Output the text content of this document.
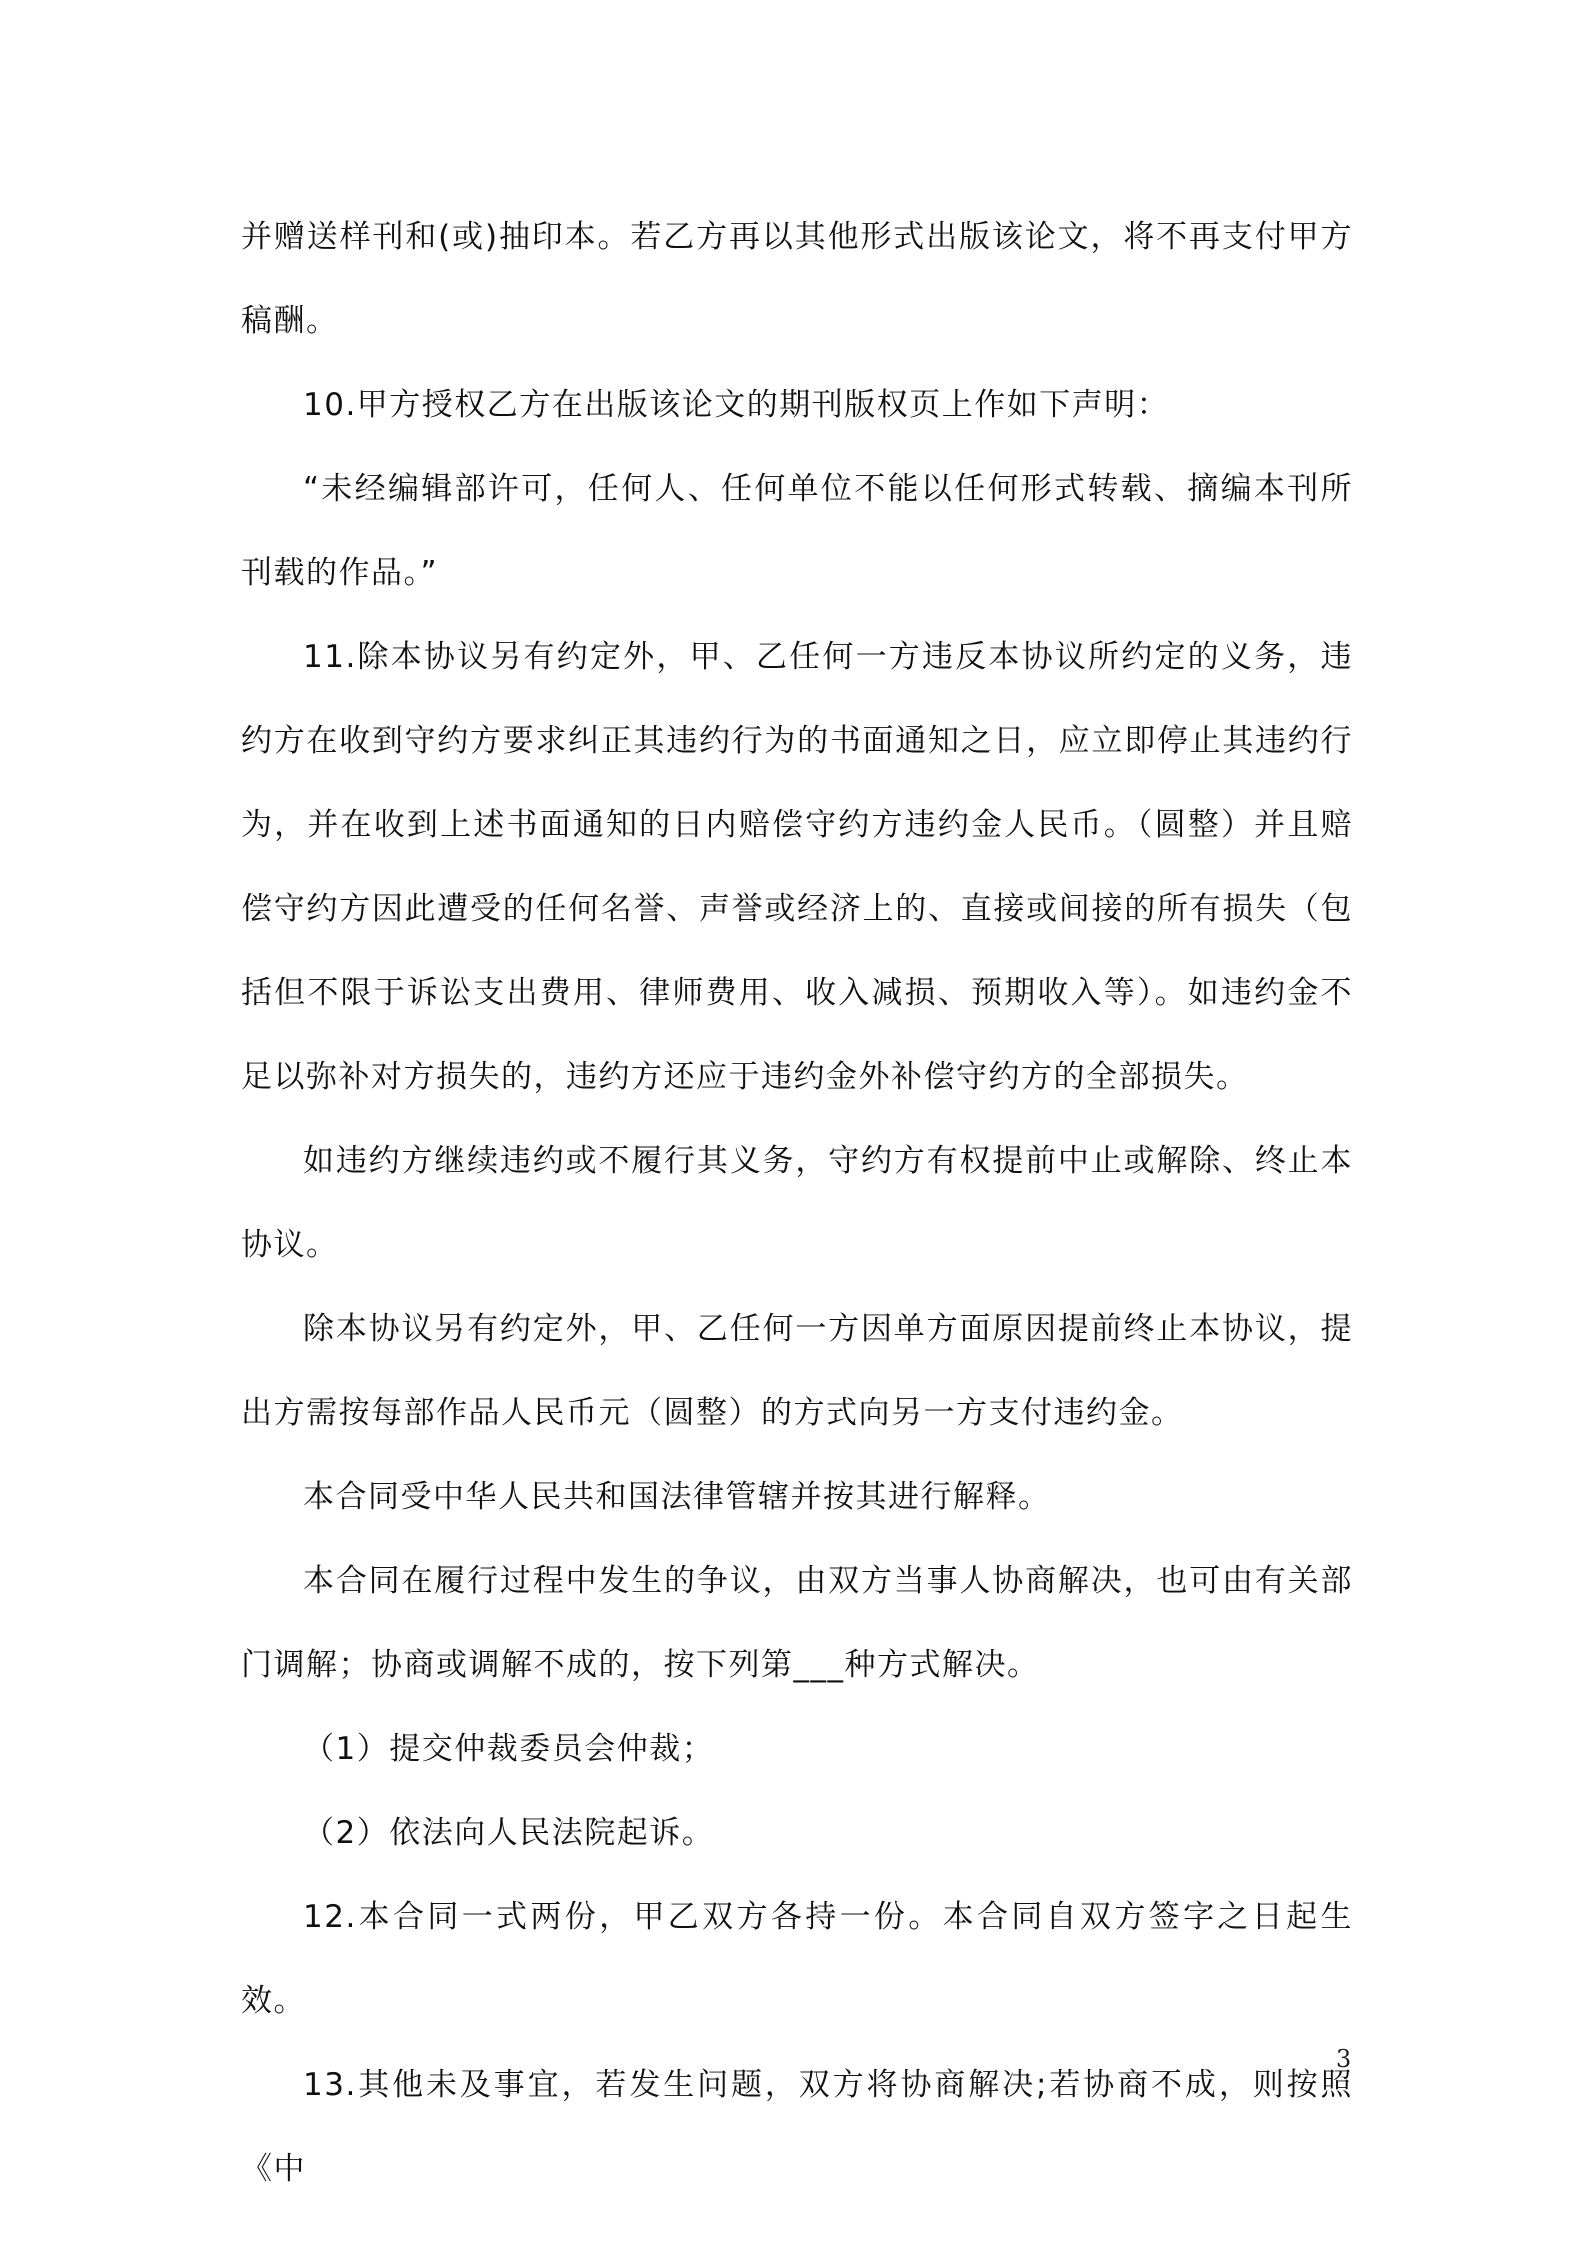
并赠送样刊和(或)抽印本。若乙方再以其他形式出版该论文，将不再支付甲方稿酬。

10.甲方授权乙方在出版该论文的期刊版权页上作如下声明：

“未经编辑部许可，任何人、任何单位不能以任何形式转载、摘编本刊所刊载的作品。”

11.除本协议另有约定外，甲、乙任何一方违反本协议所约定的义务，违约方在收到守约方要求纠正其违约行为的书面通知之日，应立即停止其违约行为，并在收到上述书面通知的日内赔偿守约方违约金人民币。（圆整）并且赔偿守约方因此遭受的任何名誉、声誉或经济上的、直接或间接的所有损失（包括但不限于诉讼支出费用、律师费用、收入减损、预期收入等）。如违约金不足以弥补对方损失的，违约方还应于违约金外补偿守约方的全部损失。

如违约方继续违约或不履行其义务，守约方有权提前中止或解除、终止本协议。

除本协议另有约定外，甲、乙任何一方因单方面原因提前终止本协议，提出方需按每部作品人民币元（圆整）的方式向另一方支付违约金。

本合同受中华人民共和国法律管辖并按其进行解释。

本合同在履行过程中发生的争议，由双方当事人协商解决，也可由有关部门调解；协商或调解不成的，按下列第___种方式解决。

（1）提交仲裁委员会仲裁；

（2）依法向人民法院起诉。

12.本合同一式两份，甲乙双方各持一份。本合同自双方签字之日起生效。

13.其他未及事宜，若发生问题，双方将协商解决;若协商不成，则按照《中

3
